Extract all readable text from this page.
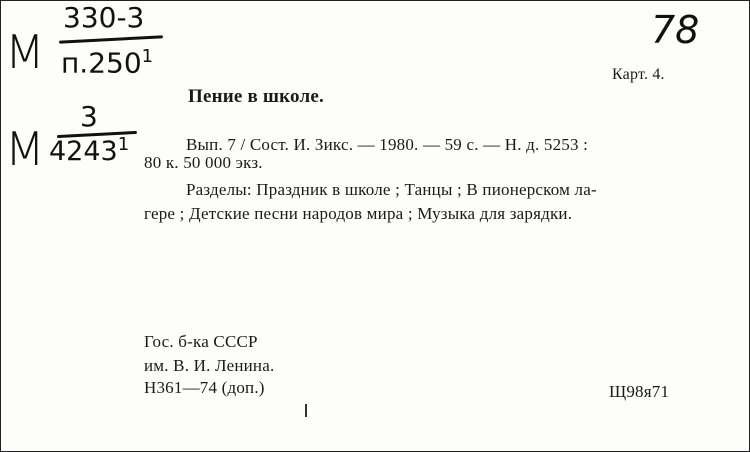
М
330-3
п.250$^1$
М
3
4243$^1$
78
Карт. 4.
Пение в школе.
Вып. 7 / Сост. И. Зикс. — 1980. — 59 с. — Н. д. 5253 :
80 к. 50 000 экз.
Разделы: Праздник в школе ; Танцы ; В пионерском ла-
гере ; Детские песни народов мира ; Музыка для зарядки.
Гос. б-ка СССР
им. В. И. Ленина.
Н361—74 (доп.)	Щ98я71
